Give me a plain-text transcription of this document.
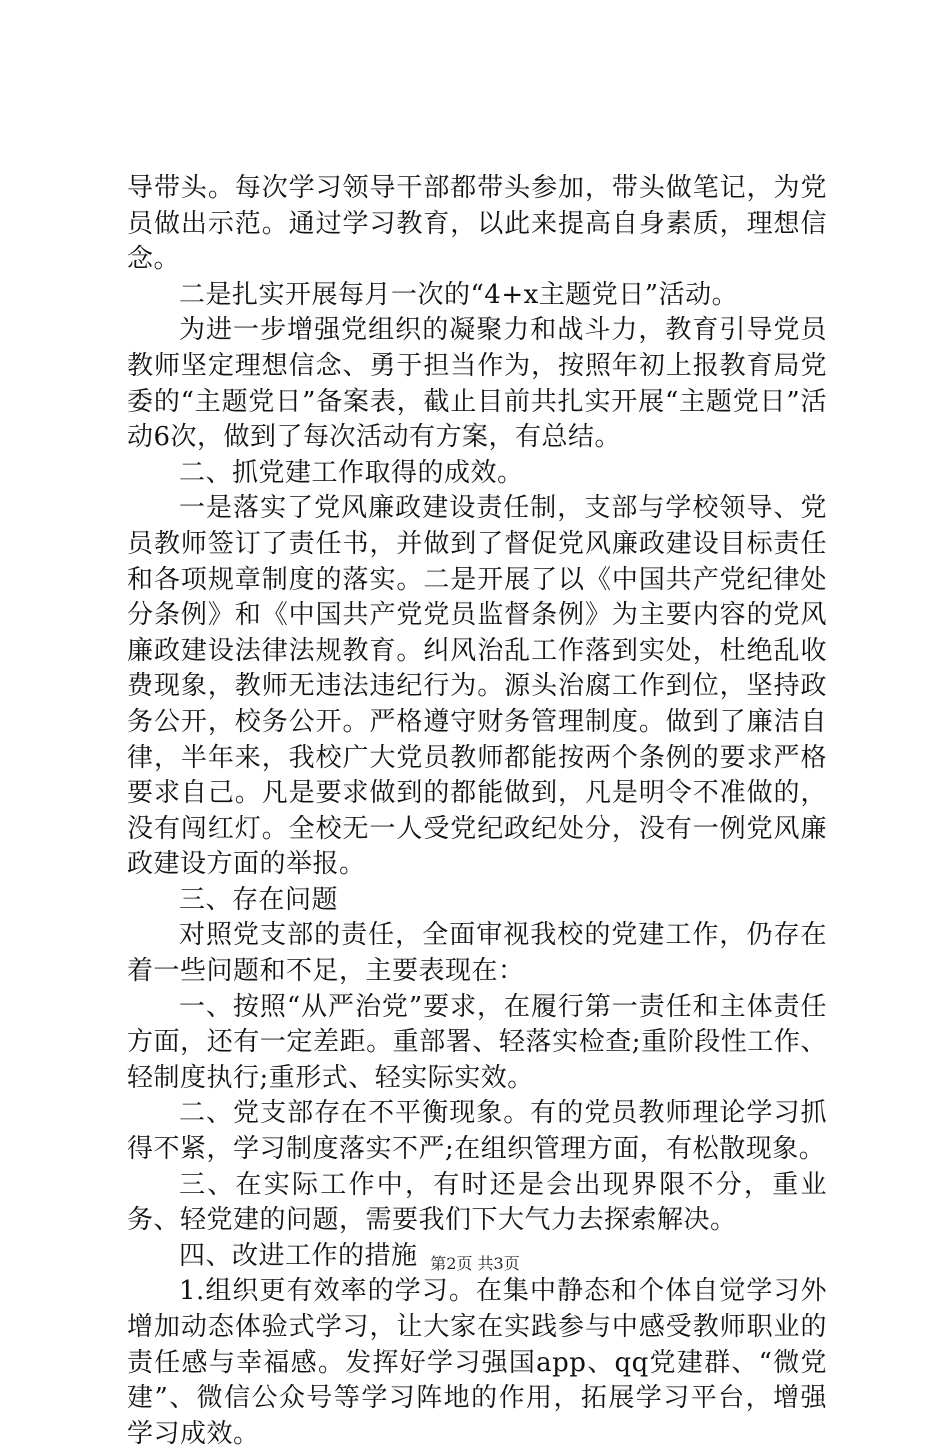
导带头。每次学习领导干部都带头参加，带头做笔记，为党员做出示范。通过学习教育，以此来提高自身素质，理想信念。

二是扎实开展每月一次的“4+x主题党日”活动。

为进一步增强党组织的凝聚力和战斗力，教育引导党员教师坚定理想信念、勇于担当作为，按照年初上报教育局党委的“主题党日”备案表，截止目前共扎实开展“主题党日”活动6次，做到了每次活动有方案，有总结。

二、抓党建工作取得的成效。

一是落实了党风廉政建设责任制，支部与学校领导、党员教师签订了责任书，并做到了督促党风廉政建设目标责任和各项规章制度的落实。二是开展了以《中国共产党纪律处分条例》和《中国共产党党员监督条例》为主要内容的党风廉政建设法律法规教育。纠风治乱工作落到实处，杜绝乱收费现象，教师无违法违纪行为。源头治腐工作到位，坚持政务公开，校务公开。严格遵守财务管理制度。做到了廉洁自律，半年来，我校广大党员教师都能按两个条例的要求严格要求自己。凡是要求做到的都能做到，凡是明令不准做的，没有闯红灯。全校无一人受党纪政纪处分，没有一例党风廉政建设方面的举报。

三、存在问题

对照党支部的责任，全面审视我校的党建工作，仍存在着一些问题和不足，主要表现在：

一、按照“从严治党”要求，在履行第一责任和主体责任方面，还有一定差距。重部署、轻落实检查;重阶段性工作、轻制度执行;重形式、轻实际实效。

二、党支部存在不平衡现象。有的党员教师理论学习抓得不紧，学习制度落实不严;在组织管理方面，有松散现象。

三、在实际工作中，有时还是会出现界限不分，重业务、轻党建的问题，需要我们下大气力去探索解决。

四、改进工作的措施

1.组织更有效率的学习。在集中静态和个体自觉学习外增加动态体验式学习，让大家在实践参与中感受教师职业的责任感与幸福感。发挥好学习强国app、qq党建群、“微党建”、微信公众号等学习阵地的作用，拓展学习平台，增强学习成效。

第2页 共3页
